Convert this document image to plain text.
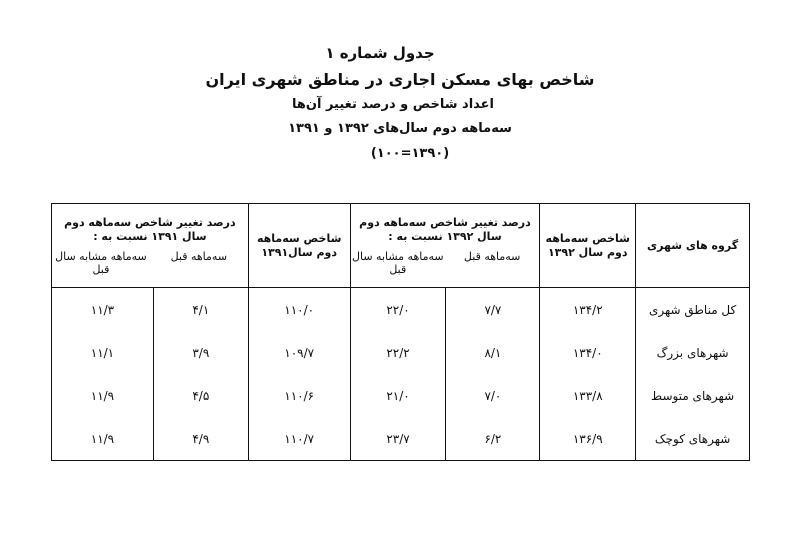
جدول شماره ۱
شاخص بهای مسکن اجاری در مناطق شهری ایران
اعداد شاخص و درصد تغییر آن‌ها
سه‌ماهه دوم سال‌های ۱۳۹۲ و ۱۳۹۱
(۱۳۹۰=۱۰۰)
گروه های شهری	شاخص سه‌ماهه دوم سال ۱۳۹۲	درصد تغییر شاخص سه‌ماهه دوم سال ۱۳۹۲ نسبت به :
سه‌ماهه قبل
سه‌ماهه مشابه سال قبل		شاخص سه‌ماهه دوم سال۱۳۹۱	درصد تغییر شاخص سه‌ماهه دوم سال ۱۳۹۱ نسبت به :
سه‌ماهه قبل
سه‌ماهه مشابه سال قبل	

کل مناطق شهری	۱۳۴/۲	۷/۷	۲۲/۰	۱۱۰/۰	۴/۱	۱۱/۳
شهرهای بزرگ	۱۳۴/۰	۸/۱	۲۲/۲	۱۰۹/۷	۳/۹	۱۱/۱
شهرهای متوسط	۱۳۳/۸	۷/۰	۲۱/۰	۱۱۰/۶	۴/۵	۱۱/۹
شهرهای کوچک	۱۳۶/۹	۶/۲	۲۳/۷	۱۱۰/۷	۴/۹	۱۱/۹
